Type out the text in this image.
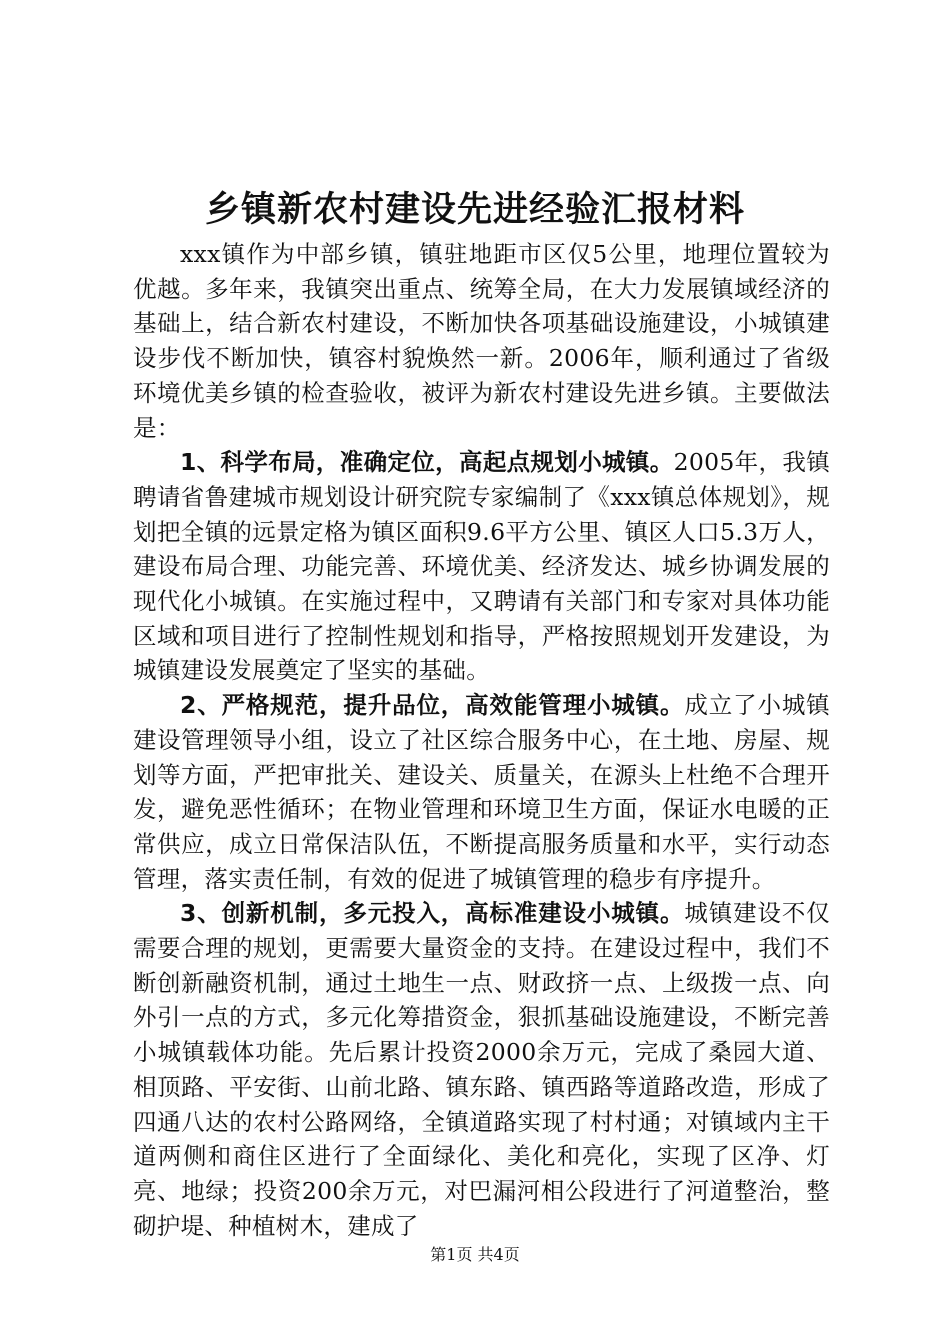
乡镇新农村建设先进经验汇报材料

xxx镇作为中部乡镇，镇驻地距市区仅5公里，地理位置较为优越。多年来，我镇突出重点、统筹全局，在大力发展镇域经济的基础上，结合新农村建设，不断加快各项基础设施建设，小城镇建设步伐不断加快，镇容村貌焕然一新。2006年，顺利通过了省级环境优美乡镇的检查验收，被评为新农村建设先进乡镇。主要做法是：

1、科学布局，准确定位，高起点规划小城镇。2005年，我镇聘请省鲁建城市规划设计研究院专家编制了《xxx镇总体规划》，规划把全镇的远景定格为镇区面积9.6平方公里、镇区人口5.3万人，建设布局合理、功能完善、环境优美、经济发达、城乡协调发展的现代化小城镇。在实施过程中，又聘请有关部门和专家对具体功能区域和项目进行了控制性规划和指导，严格按照规划开发建设，为城镇建设发展奠定了坚实的基础。

2、严格规范，提升品位，高效能管理小城镇。成立了小城镇建设管理领导小组，设立了社区综合服务中心，在土地、房屋、规划等方面，严把审批关、建设关、质量关，在源头上杜绝不合理开发，避免恶性循环；在物业管理和环境卫生方面，保证水电暖的正常供应，成立日常保洁队伍，不断提高服务质量和水平，实行动态管理，落实责任制，有效的促进了城镇管理的稳步有序提升。

3、创新机制，多元投入，高标准建设小城镇。城镇建设不仅需要合理的规划，更需要大量资金的支持。在建设过程中，我们不断创新融资机制，通过土地生一点、财政挤一点、上级拨一点、向外引一点的方式，多元化筹措资金，狠抓基础设施建设，不断完善小城镇载体功能。先后累计投资2000余万元，完成了桑园大道、相顶路、平安街、山前北路、镇东路、镇西路等道路改造，形成了四通八达的农村公路网络，全镇道路实现了村村通；对镇域内主干道两侧和商住区进行了全面绿化、美化和亮化，实现了区净、灯亮、地绿；投资200余万元，对巴漏河相公段进行了河道整治，整砌护堤、种植树木，建成了

第1页 共4页
